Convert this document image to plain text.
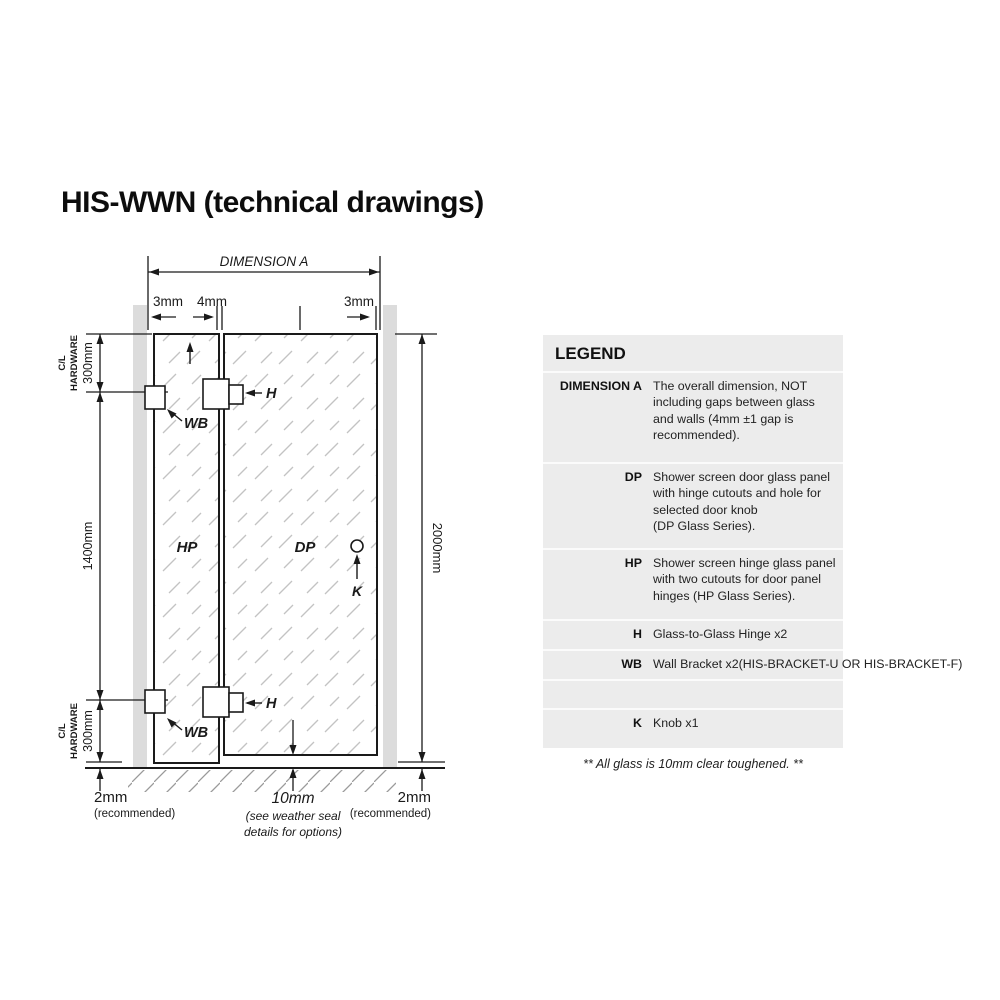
HIS-WWN (technical drawings)
DIMENSION A
3mm 4mm	3mm
C/L HARDWARE 300mm
1400mm
C/L HARDWARE 300mm
2000mm
2mm
(recommended)
10mm
(see weather seal
details for options)
2mm
(recommended)
K
H
H
WB
WB
HP	DP
LEGEND
DIMENSION A The overall dimension, NOT
including gaps between glass
and walls (4mm ±1 gap is
recommended).
DP Shower screen door glass panel
with hinge cutouts and hole for
selected door knob
(DP Glass Series).
HP Shower screen hinge glass panel
with two cutouts for door panel
hinges (HP Glass Series).
H Glass-to-Glass Hinge x2
WB Wall Bracket x2(HIS-BRACKET-U OR HIS-BRACKET-F)
K Knob x1
** All glass is 10mm clear toughened. **
